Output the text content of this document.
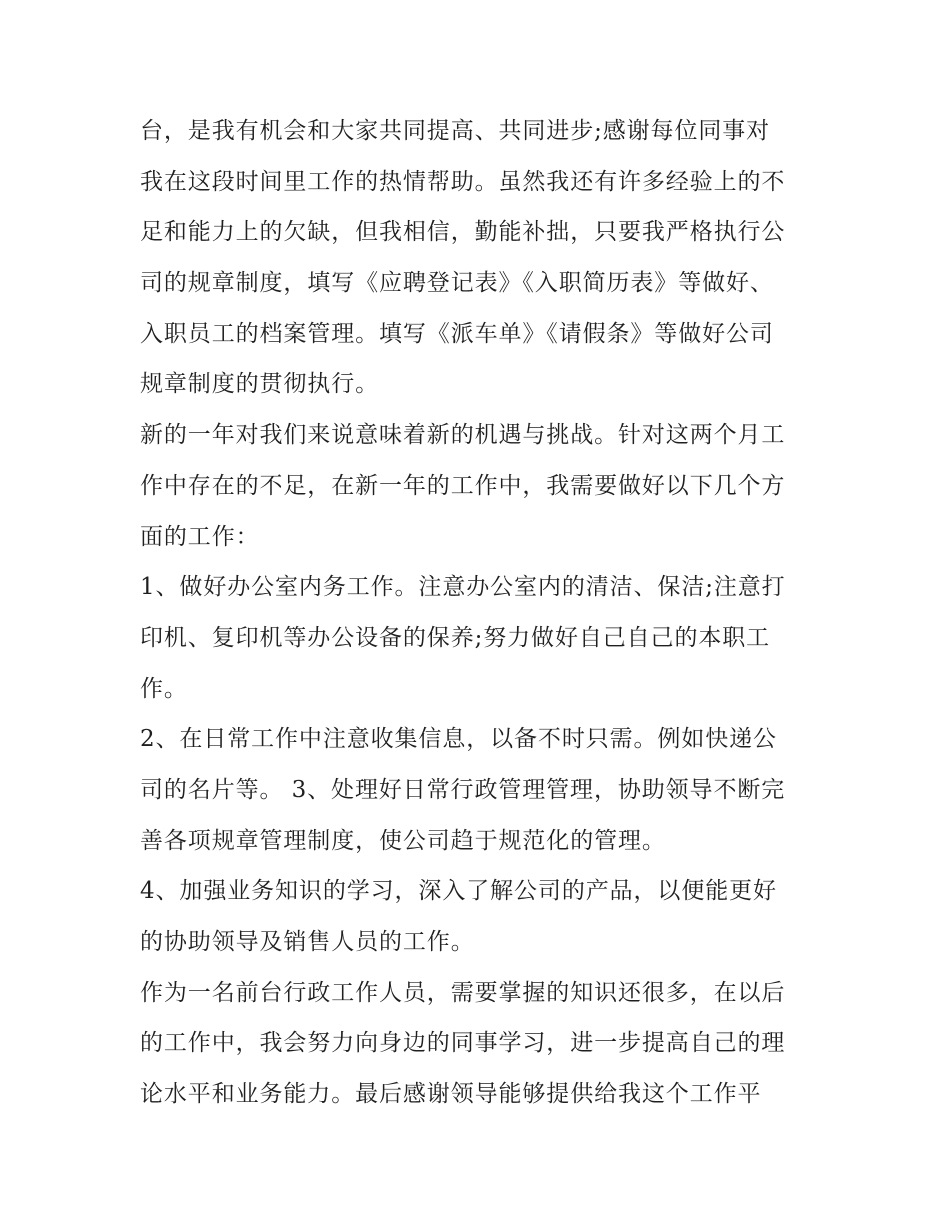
台，是我有机会和大家共同提高、共同进步;感谢每位同事对
我在这段时间里工作的热情帮助。虽然我还有许多经验上的不
足和能力上的欠缺，但我相信，勤能补拙，只要我严格执行公
司的规章制度，填写《应聘登记表》《入职简历表》等做好、
入职员工的档案管理。填写《派车单》《请假条》等做好公司
规章制度的贯彻执行。
新的一年对我们来说意味着新的机遇与挑战。针对这两个月工
作中存在的不足，在新一年的工作中，我需要做好以下几个方
面的工作：
1、做好办公室内务工作。注意办公室内的清洁、保洁;注意打
印机、复印机等办公设备的保养;努力做好自己自己的本职工
作。
2、在日常工作中注意收集信息，以备不时只需。例如快递公
司的名片等。 3、处理好日常行政管理管理，协助领导不断完
善各项规章管理制度，使公司趋于规范化的管理。
4、加强业务知识的学习，深入了解公司的产品，以便能更好
的协助领导及销售人员的工作。
作为一名前台行政工作人员，需要掌握的知识还很多，在以后
的工作中，我会努力向身边的同事学习，进一步提高自己的理
论水平和业务能力。最后感谢领导能够提供给我这个工作平
